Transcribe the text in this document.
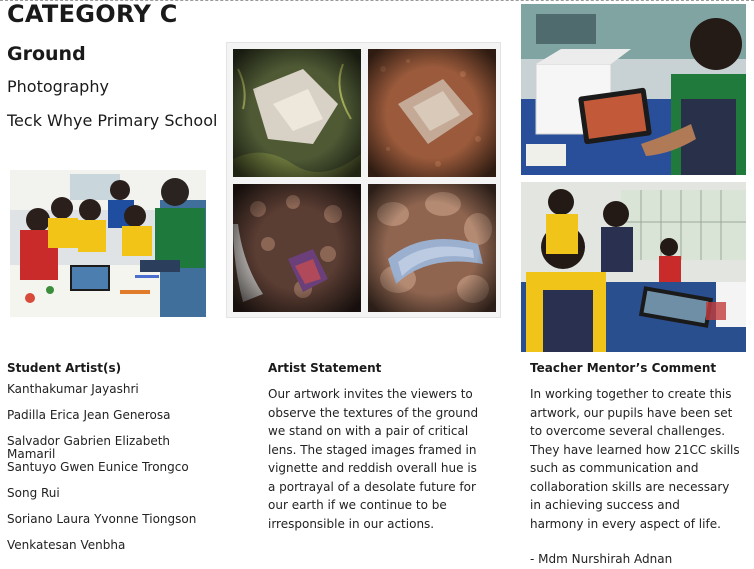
CATEGORY C
Ground
Photography
Teck Whye Primary School
Student Artist(s)
Kanthakumar Jayashri
Padilla Erica Jean Generosa
Salvador Gabrien Elizabeth Mamaril
Santuyo Gwen Eunice Trongco
Song Rui
Soriano Laura Yvonne Tiongson
Venkatesan Venbha
Artist Statement
Our artwork invites the viewers to
observe the textures of the ground
we stand on with a pair of critical
lens. The staged images framed in
vignette and reddish overall hue is
a portrayal of a desolate future for
our earth if we continue to be
irresponsible in our actions.
Teacher Mentor’s Comment
In working together to create this
artwork, our pupils have been set
to overcome several challenges.
They have learned how 21CC skills
such as communication and
collaboration skills are necessary
in achieving success and
harmony in every aspect of life.
- Mdm Nurshirah Adnan
